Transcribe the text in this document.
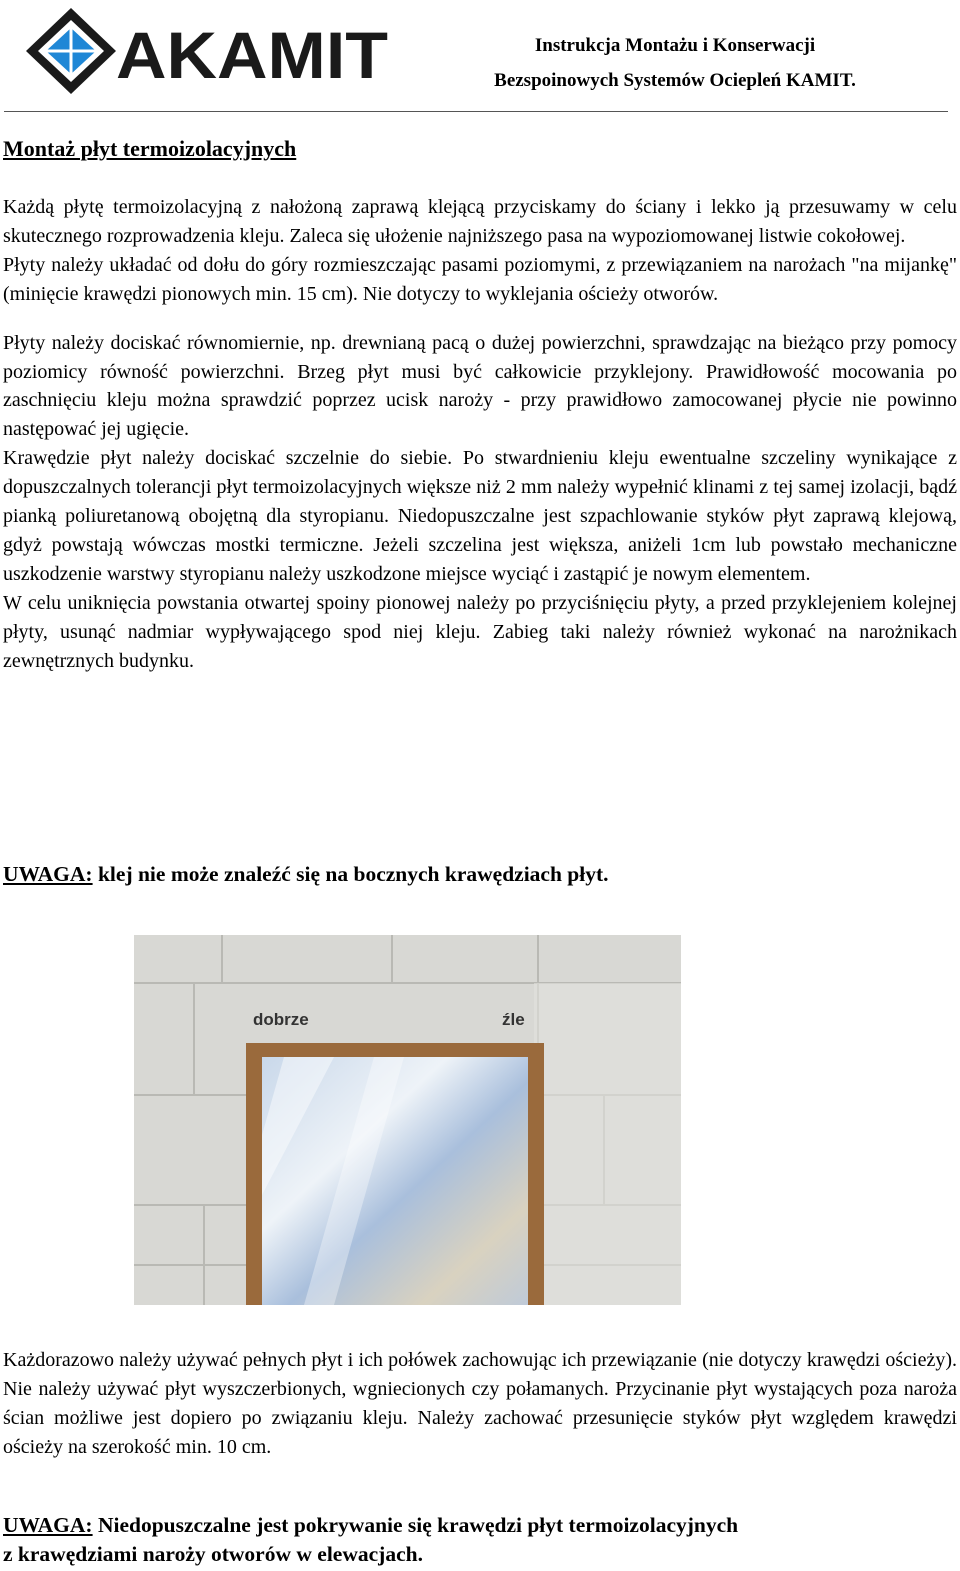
AKAMIT	Instrukcja Montażu i Konserwacji
Bezspoinowych Systemów Ociepleń KAMIT.
Montaż płyt termoizolacyjnych

Każdą płytę termoizolacyjną z nałożoną zaprawą klejącą przyciskamy do ściany i lekko ją przesuwamy w celu skutecznego rozprowadzenia kleju. Zaleca się ułożenie najniższego pasa na wypoziomowanej listwie cokołowej.

Płyty należy układać od dołu do góry rozmieszczając pasami poziomymi, z przewiązaniem na narożach "na mijankę" (minięcie krawędzi pionowych min. 15 cm). Nie dotyczy to wyklejania ościeży otworów.

Płyty należy dociskać równomiernie, np. drewnianą pacą o dużej powierzchni, sprawdzając na bieżąco przy pomocy poziomicy równość powierzchni. Brzeg płyt musi być całkowicie przyklejony. Prawidłowość mocowania po zaschnięciu kleju można sprawdzić poprzez ucisk naroży - przy prawidłowo zamocowanej płycie nie powinno następować jej ugięcie.

Krawędzie płyt należy dociskać szczelnie do siebie. Po stwardnieniu kleju ewentualne szczeliny wynikające z dopuszczalnych tolerancji płyt termoizolacyjnych większe niż 2 mm należy wypełnić klinami z tej samej izolacji, bądź pianką poliuretanową obojętną dla styropianu. Niedopuszczalne jest szpachlowanie styków płyt zaprawą klejową, gdyż powstają wówczas mostki termiczne. Jeżeli szczelina jest większa, aniżeli 1cm lub powstało mechaniczne uszkodzenie warstwy styropianu należy uszkodzone miejsce wyciąć i zastąpić je nowym elementem.

W celu uniknięcia powstania otwartej spoiny pionowej należy po przyciśnięciu płyty, a przed przyklejeniem kolejnej płyty, usunąć nadmiar wypływającego spod niej kleju. Zabieg taki należy również wykonać na narożnikach zewnętrznych budynku.

UWAGA: klej nie może znaleźć się na bocznych krawędziach płyt.

dobrze	źle

Każdorazowo należy używać pełnych płyt i ich połówek zachowując ich przewiązanie (nie dotyczy krawędzi ościeży). Nie należy używać płyt wyszczerbionych, wgniecionych czy połamanych. Przycinanie płyt wystających poza naroża ścian możliwe jest dopiero po związaniu kleju. Należy zachować przesunięcie styków płyt względem krawędzi ościeży na szerokość min. 10 cm.

UWAGA: Niedopuszczalne jest pokrywanie się krawędzi płyt termoizolacyjnych
z krawędziami naroży otworów w elewacjach.
